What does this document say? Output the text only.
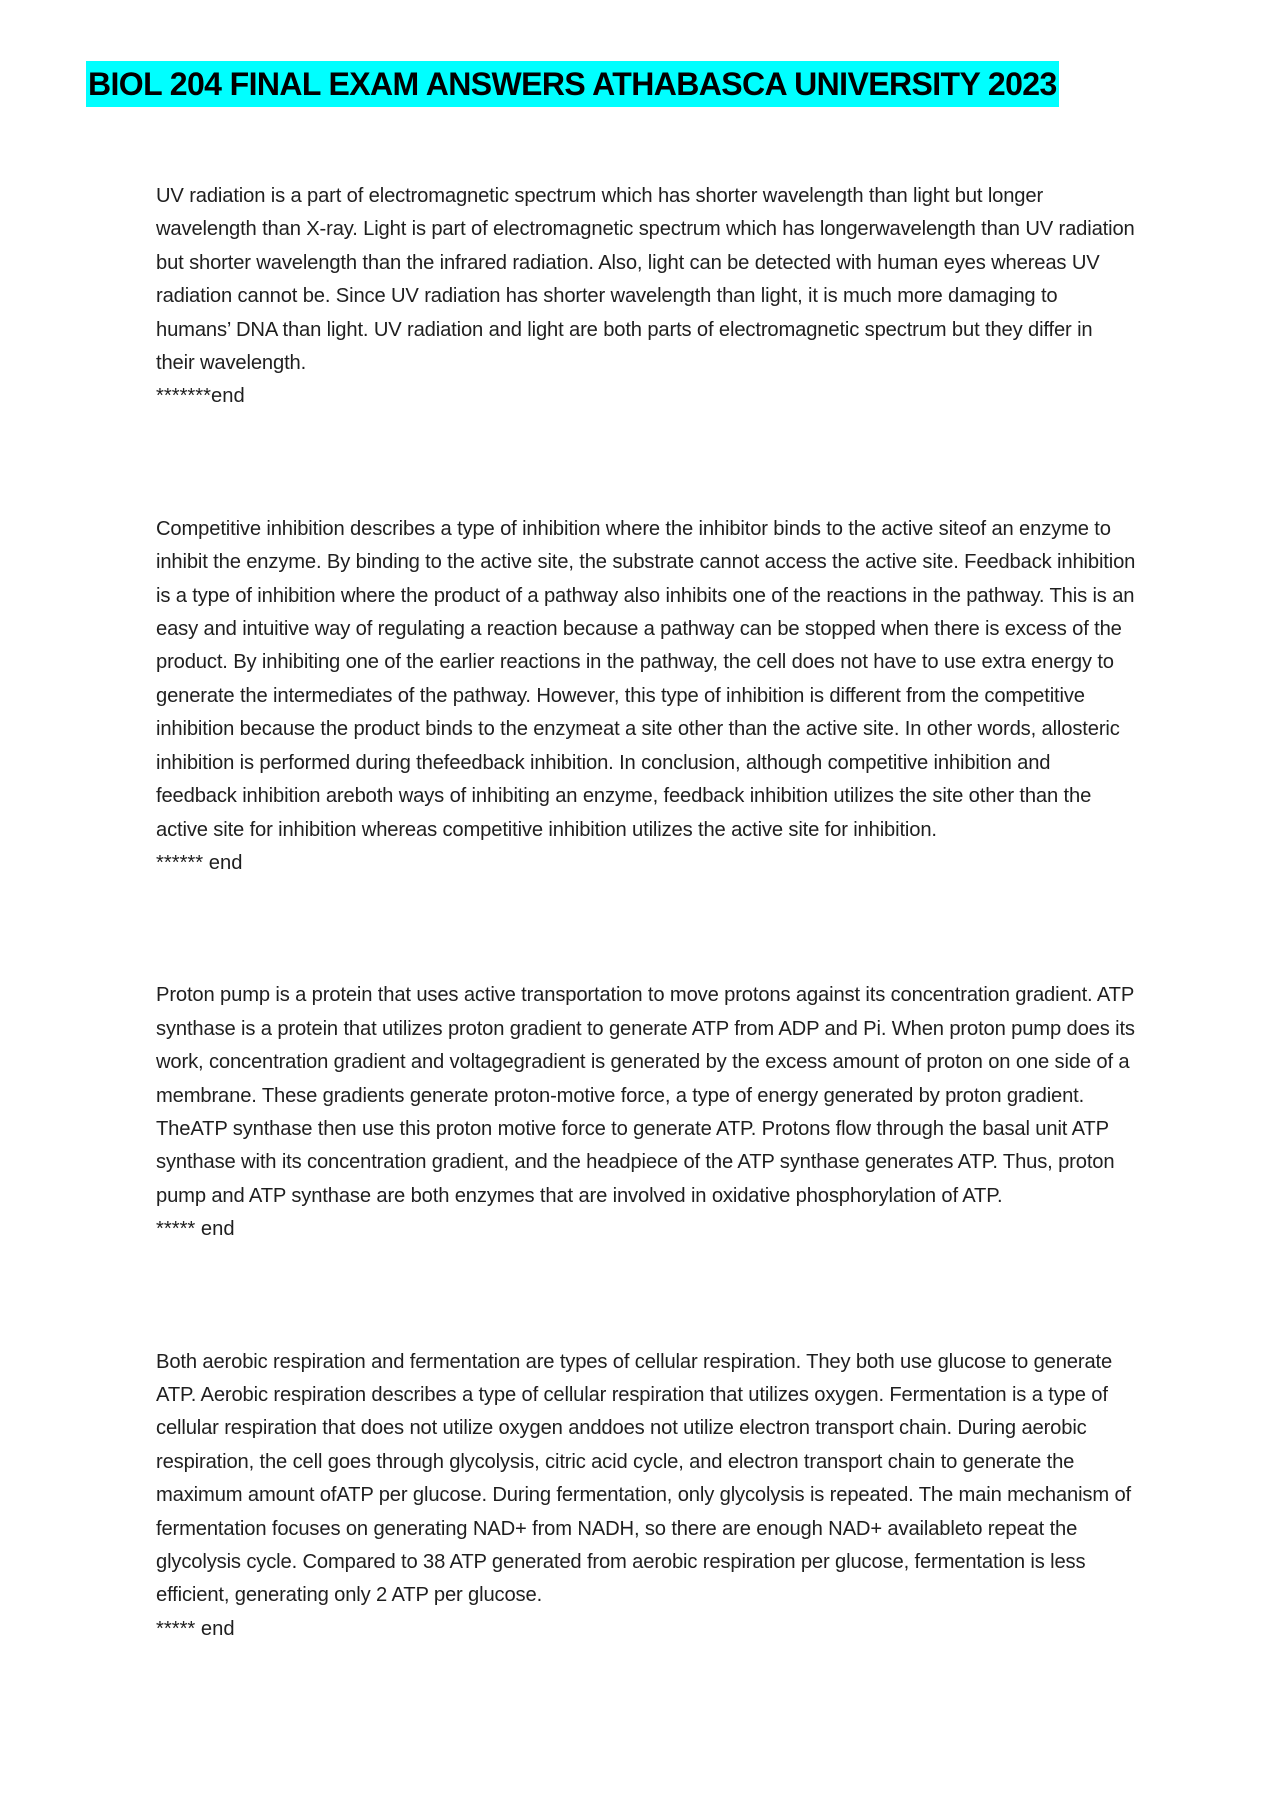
BIOL 204 FINAL EXAM ANSWERS ATHABASCA UNIVERSITY 2023

UV radiation is a part of electromagnetic spectrum which has shorter wavelength than light but longer wavelength than X-ray. Light is part of electromagnetic spectrum which has longerwavelength than UV radiation but shorter wavelength than the infrared radiation. Also, light can be detected with human eyes whereas UV radiation cannot be. Since UV radiation has shorter wavelength than light, it is much more damaging to humans’ DNA than light. UV radiation and light are both parts of electromagnetic spectrum but they differ in their wavelength.

*******end

Competitive inhibition describes a type of inhibition where the inhibitor binds to the active siteof an enzyme to inhibit the enzyme. By binding to the active site, the substrate cannot access the active site. Feedback inhibition is a type of inhibition where the product of a pathway also inhibits one of the reactions in the pathway. This is an easy and intuitive way of regulating a reaction because a pathway can be stopped when there is excess of the product. By inhibiting one of the earlier reactions in the pathway, the cell does not have to use extra energy to generate the intermediates of the pathway. However, this type of inhibition is different from the competitive inhibition because the product binds to the enzymeat a site other than the active site. In other words, allosteric inhibition is performed during thefeedback inhibition. In conclusion, although competitive inhibition and feedback inhibition areboth ways of inhibiting an enzyme, feedback inhibition utilizes the site other than the active site for inhibition whereas competitive inhibition utilizes the active site for inhibition.

****** end

Proton pump is a protein that uses active transportation to move protons against its concentration gradient. ATP synthase is a protein that utilizes proton gradient to generate ATP from ADP and Pi. When proton pump does its work, concentration gradient and voltagegradient is generated by the excess amount of proton on one side of a membrane. These gradients generate proton-motive force, a type of energy generated by proton gradient. TheATP synthase then use this proton motive force to generate ATP. Protons flow through the basal unit ATP synthase with its concentration gradient, and the headpiece of the ATP synthase generates ATP. Thus, proton pump and ATP synthase are both enzymes that are involved in oxidative phosphorylation of ATP.

***** end

Both aerobic respiration and fermentation are types of cellular respiration. They both use glucose to generate ATP. Aerobic respiration describes a type of cellular respiration that utilizes oxygen. Fermentation is a type of cellular respiration that does not utilize oxygen anddoes not utilize electron transport chain. During aerobic respiration, the cell goes through glycolysis, citric acid cycle, and electron transport chain to generate the maximum amount ofATP per glucose. During fermentation, only glycolysis is repeated. The main mechanism of fermentation focuses on generating NAD+ from NADH, so there are enough NAD+ availableto repeat the glycolysis cycle. Compared to 38 ATP generated from aerobic respiration per glucose, fermentation is less efficient, generating only 2 ATP per glucose.

***** end
